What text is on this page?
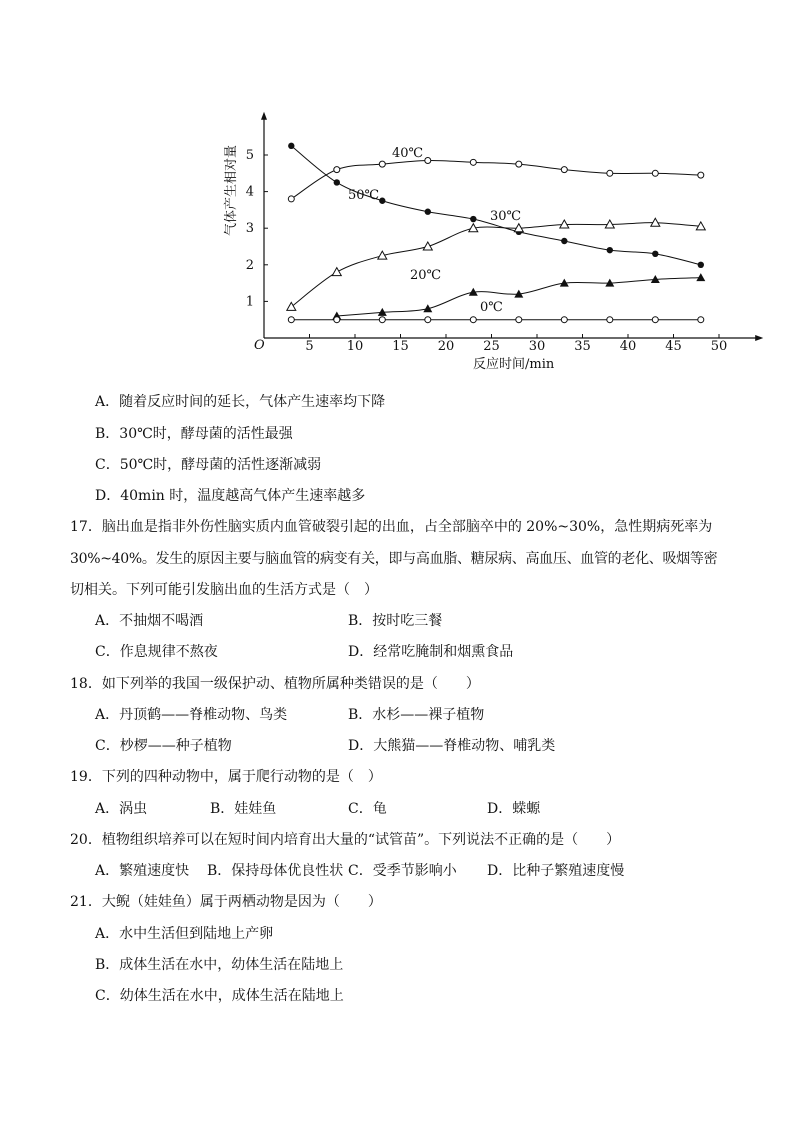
5	10 15 20 25 30 35 40 45 50
1
2
3
4
5	40℃
50℃
30℃
20℃
0℃
气体产生相对量
反应时间/min
O
A．随着反应时间的延长，气体产生速率均下降
B．30℃时，酵母菌的活性最强
C．50℃时，酵母菌的活性逐渐减弱
D．40min 时，温度越高气体产生速率越多
17．脑出血是指非外伤性脑实质内血管破裂引起的出血，占全部脑卒中的 20%~30%，急性期病死率为
30%~40%。发生的原因主要与脑血管的病变有关，即与高血脂、糖尿病、高血压、血管的老化、吸烟等密
切相关。下列可能引发脑出血的生活方式是（　）
A．不抽烟不喝酒	B．按时吃三餐
C．作息规律不熬夜	D．经常吃腌制和烟熏食品
18．如下列举的我国一级保护动、植物所属种类错误的是（　　）
A．丹顶鹤——脊椎动物、鸟类	B．水杉——裸子植物
C．杪椤——种子植物	D．大熊猫——脊椎动物、哺乳类
19．下列的四种动物中，属于爬行动物的是（　）
A．涡虫	B．娃娃鱼	C．龟	D．蝾螈
20．植物组织培养可以在短时间内培育出大量的“试管苗”。下列说法不正确的是（　　）
A．繁殖速度快 B．保持母体优良性状 C．受季节影响小 D．比种子繁殖速度慢
21．大鲵（娃娃鱼）属于两栖动物是因为（　　）
A．水中生活但到陆地上产卵
B．成体生活在水中，幼体生活在陆地上
C．幼体生活在水中，成体生活在陆地上
